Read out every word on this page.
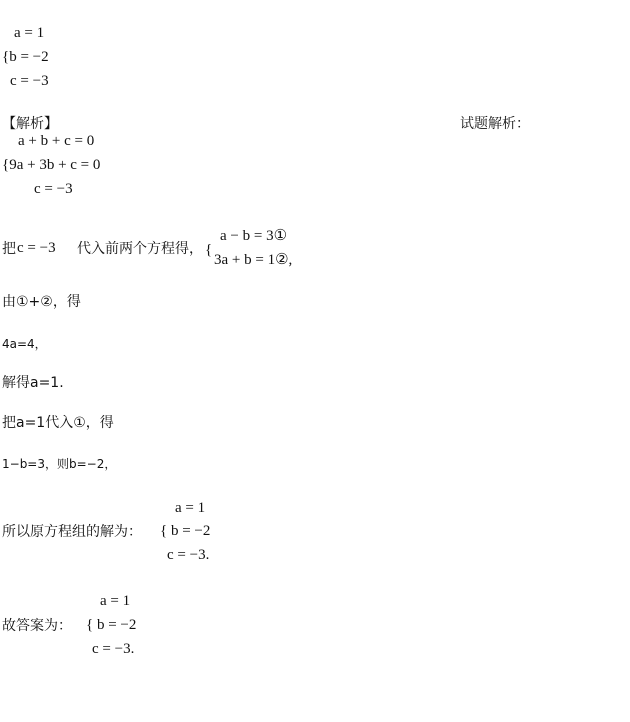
a = 1
{b = −2
c = −3
【解析】	试题解析：
a + b + c = 0
{9a + 3b + c = 0
c = −3
把 c = −3 代入前两个方程得， {
a − b = 3①
3a + b = 1②,
由①+②，得
4a=4，
解得a=1.
把a=1代入①，得
1−b=3，则b=−2，
a = 1
所以原方程组的解为： { b = −2
c = −3.
a = 1
故答案为： { b = −2
c = −3.
